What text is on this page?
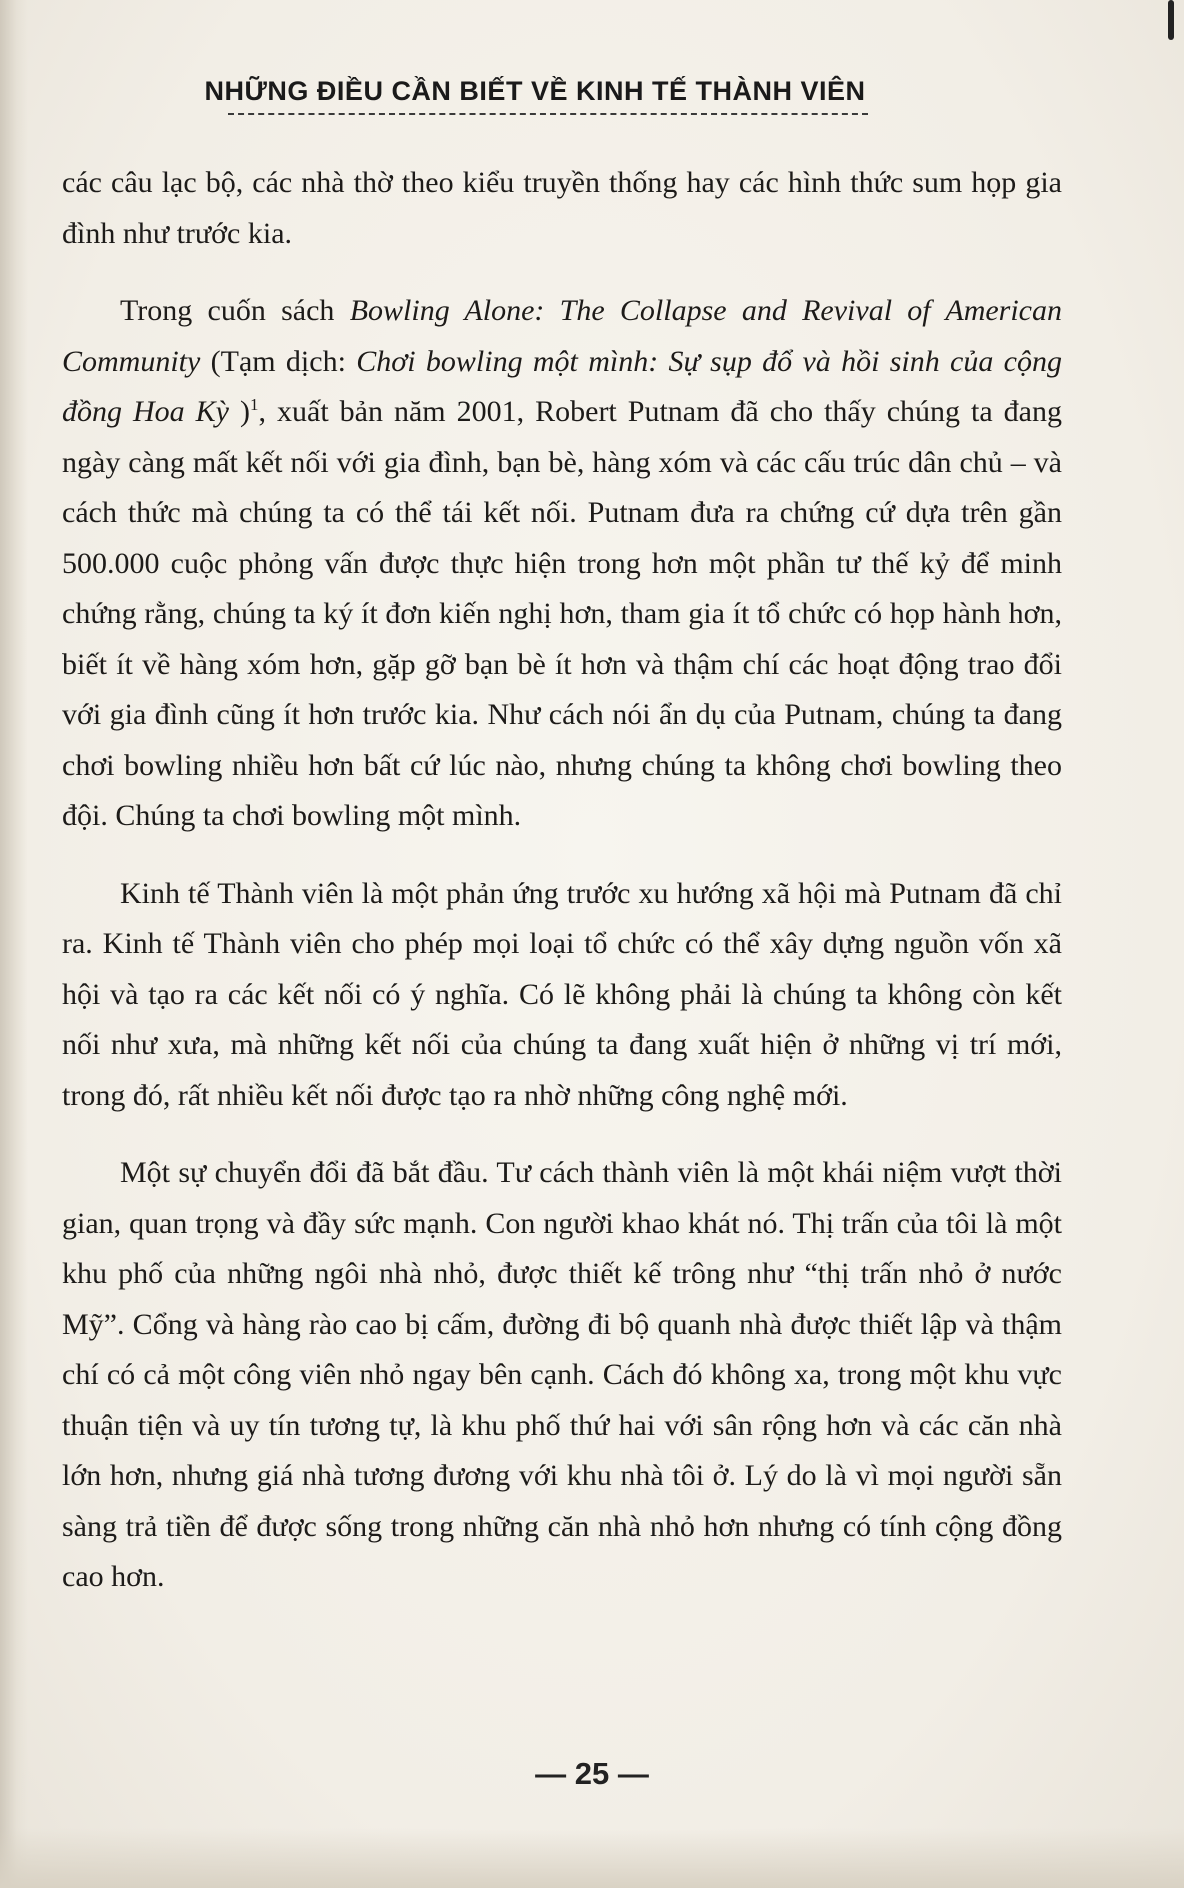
NHỮNG ĐIỀU CẦN BIẾT VỀ KINH TẾ THÀNH VIÊN

các câu lạc bộ, các nhà thờ theo kiểu truyền thống hay các hình thức sum họp gia đình như trước kia.

Trong cuốn sách Bowling Alone: The Collapse and Revival of American Community (Tạm dịch: Chơi bowling một mình: Sự sụp đổ và hồi sinh của cộng đồng Hoa Kỳ )$^1$, xuất bản năm 2001, Robert Putnam đã cho thấy chúng ta đang ngày càng mất kết nối với gia đình, bạn bè, hàng xóm và các cấu trúc dân chủ – và cách thức mà chúng ta có thể tái kết nối. Putnam đưa ra chứng cứ dựa trên gần 500.000 cuộc phỏng vấn được thực hiện trong hơn một phần tư thế kỷ để minh chứng rằng, chúng ta ký ít đơn kiến nghị hơn, tham gia ít tổ chức có họp hành hơn, biết ít về hàng xóm hơn, gặp gỡ bạn bè ít hơn và thậm chí các hoạt động trao đổi với gia đình cũng ít hơn trước kia. Như cách nói ẩn dụ của Putnam, chúng ta đang chơi bowling nhiều hơn bất cứ lúc nào, nhưng chúng ta không chơi bowling theo đội. Chúng ta chơi bowling một mình.

Kinh tế Thành viên là một phản ứng trước xu hướng xã hội mà Putnam đã chỉ ra. Kinh tế Thành viên cho phép mọi loại tổ chức có thể xây dựng nguồn vốn xã hội và tạo ra các kết nối có ý nghĩa. Có lẽ không phải là chúng ta không còn kết nối như xưa, mà những kết nối của chúng ta đang xuất hiện ở những vị trí mới, trong đó, rất nhiều kết nối được tạo ra nhờ những công nghệ mới.

Một sự chuyển đổi đã bắt đầu. Tư cách thành viên là một khái niệm vượt thời gian, quan trọng và đầy sức mạnh. Con người khao khát nó. Thị trấn của tôi là một khu phố của những ngôi nhà nhỏ, được thiết kế trông như “thị trấn nhỏ ở nước Mỹ”. Cổng và hàng rào cao bị cấm, đường đi bộ quanh nhà được thiết lập và thậm chí có cả một công viên nhỏ ngay bên cạnh. Cách đó không xa, trong một khu vực thuận tiện và uy tín tương tự, là khu phố thứ hai với sân rộng hơn và các căn nhà lớn hơn, nhưng giá nhà tương đương với khu nhà tôi ở. Lý do là vì mọi người sẵn sàng trả tiền để được sống trong những căn nhà nhỏ hơn nhưng có tính cộng đồng cao hơn.

— 25 —
